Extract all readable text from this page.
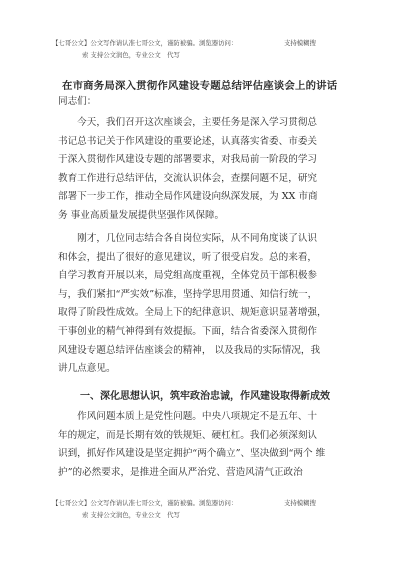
【七哥公文】公文写作请认准七哥公文，谨防被骗。浏览器访问：	支持模糊搜
索 支持公文润色，专业公文　代写
在市商务局深入贯彻作风建设专题总结评估座谈会上的讲话
同志们：
　　今天，我们召开这次座谈会，主要任务是深入学习贯彻总
书记总书记关于作风建设的重要论述，认真落实省委、市委关
于深入贯彻作风建设专题的部署要求，对我局前一阶段的学习
教育工作进行总结评估，交流认识体会，查摆问题不足，研究
部署下一步工作，推动全局作风建设向纵深发展，为 XX 市商
务 事业高质量发展提供坚强作风保障。
　　刚才，几位同志结合各自岗位实际，从不同角度谈了认识
和体会，提出了很好的意见建议，听了很受启发。总的来看，
自学习教育开展以来，局党组高度重视，全体党员干部积极参
与，我们紧扣“严实效”标准，坚持学思用贯通、知信行统一，
取得了阶段性成效。全局上下的纪律意识、规矩意识显著增强，
干事创业的精气神得到有效提振。下面，结合省委深入贯彻作
风建设专题总结评估座谈会的精神， 以及我局的实际情况，我
讲几点意见。
一、深化思想认识，筑牢政治忠诚，作风建设取得新成效
　　作风问题本质上是党性问题。中央八项规定不是五年、十
年的规定，而是长期有效的铁规矩、硬杠杠。我们必须深刻认
识到，抓好作风建设是坚定拥护“两个确立”、坚决做到“两个 维
护”的必然要求，是推进全面从严治党、营造风清气正政治
【七哥公文】公文写作请认准七哥公文，谨防被骗。浏览器访问：	支持模糊搜
索 支持公文润色，专业公文　代写
